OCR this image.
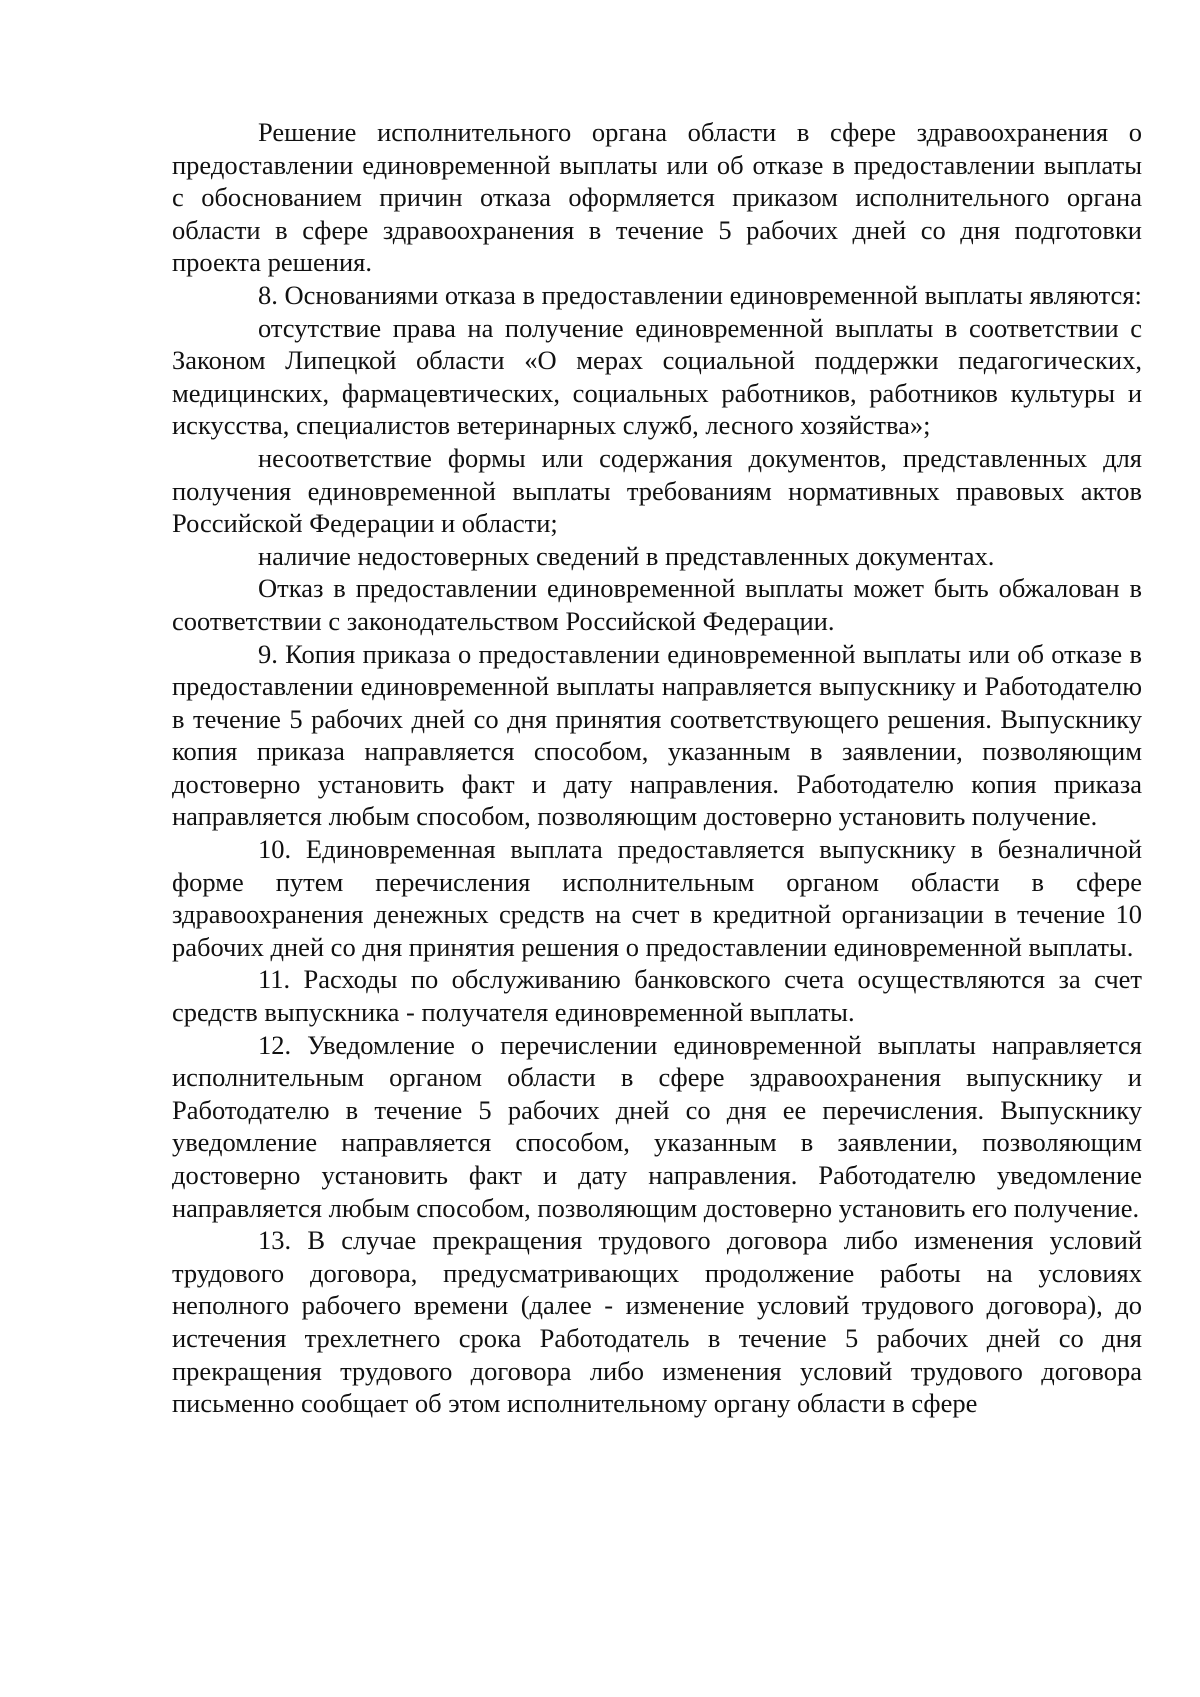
Решение исполнительного органа области в сфере здравоохранения о предоставлении единовременной выплаты или об отказе в предоставлении выплаты с обоснованием причин отказа оформляется приказом исполнительного органа области в сфере здравоохранения в течение 5 рабочих дней со дня подготовки проекта решения.

8. Основаниями отказа в предоставлении единовременной выплаты являются:

отсутствие права на получение единовременной выплаты в соответствии с Законом Липецкой области «О мерах социальной поддержки педагогических, медицинских, фармацевтических, социальных работников, работников культуры и искусства, специалистов ветеринарных служб, лесного хозяйства»;

несоответствие формы или содержания документов, представленных для получения единовременной выплаты требованиям нормативных правовых актов Российской Федерации и области;

наличие недостоверных сведений в представленных документах.

Отказ в предоставлении единовременной выплаты может быть обжалован в соответствии с законодательством Российской Федерации.

9. Копия приказа о предоставлении единовременной выплаты или об отказе в предоставлении единовременной выплаты направляется выпускнику и Работодателю в течение 5 рабочих дней со дня принятия соответствующего решения. Выпускнику копия приказа направляется способом, указанным в заявлении, позволяющим достоверно установить факт и дату направления. Работодателю копия приказа направляется любым способом, позволяющим достоверно установить получение.

10. Единовременная выплата предоставляется выпускнику в безналичной форме путем перечисления исполнительным органом области в сфере здравоохранения денежных средств на счет в кредитной организации в течение 10 рабочих дней со дня принятия решения о предоставлении единовременной выплаты.

11. Расходы по обслуживанию банковского счета осуществляются за счет средств выпускника - получателя единовременной выплаты.

12. Уведомление о перечислении единовременной выплаты направляется исполнительным органом области в сфере здравоохранения выпускнику и Работодателю в течение 5 рабочих дней со дня ее перечисления. Выпускнику уведомление направляется способом, указанным в заявлении, позволяющим достоверно установить факт и дату направления. Работодателю уведомление направляется любым способом, позволяющим достоверно установить его получение.

13. В случае прекращения трудового договора либо изменения условий трудового договора, предусматривающих продолжение работы на условиях неполного рабочего времени (далее - изменение условий трудового договора), до истечения трехлетнего срока Работодатель в течение 5 рабочих дней со дня прекращения трудового договора либо изменения условий трудового договора письменно сообщает об этом исполнительному органу области в сфере
